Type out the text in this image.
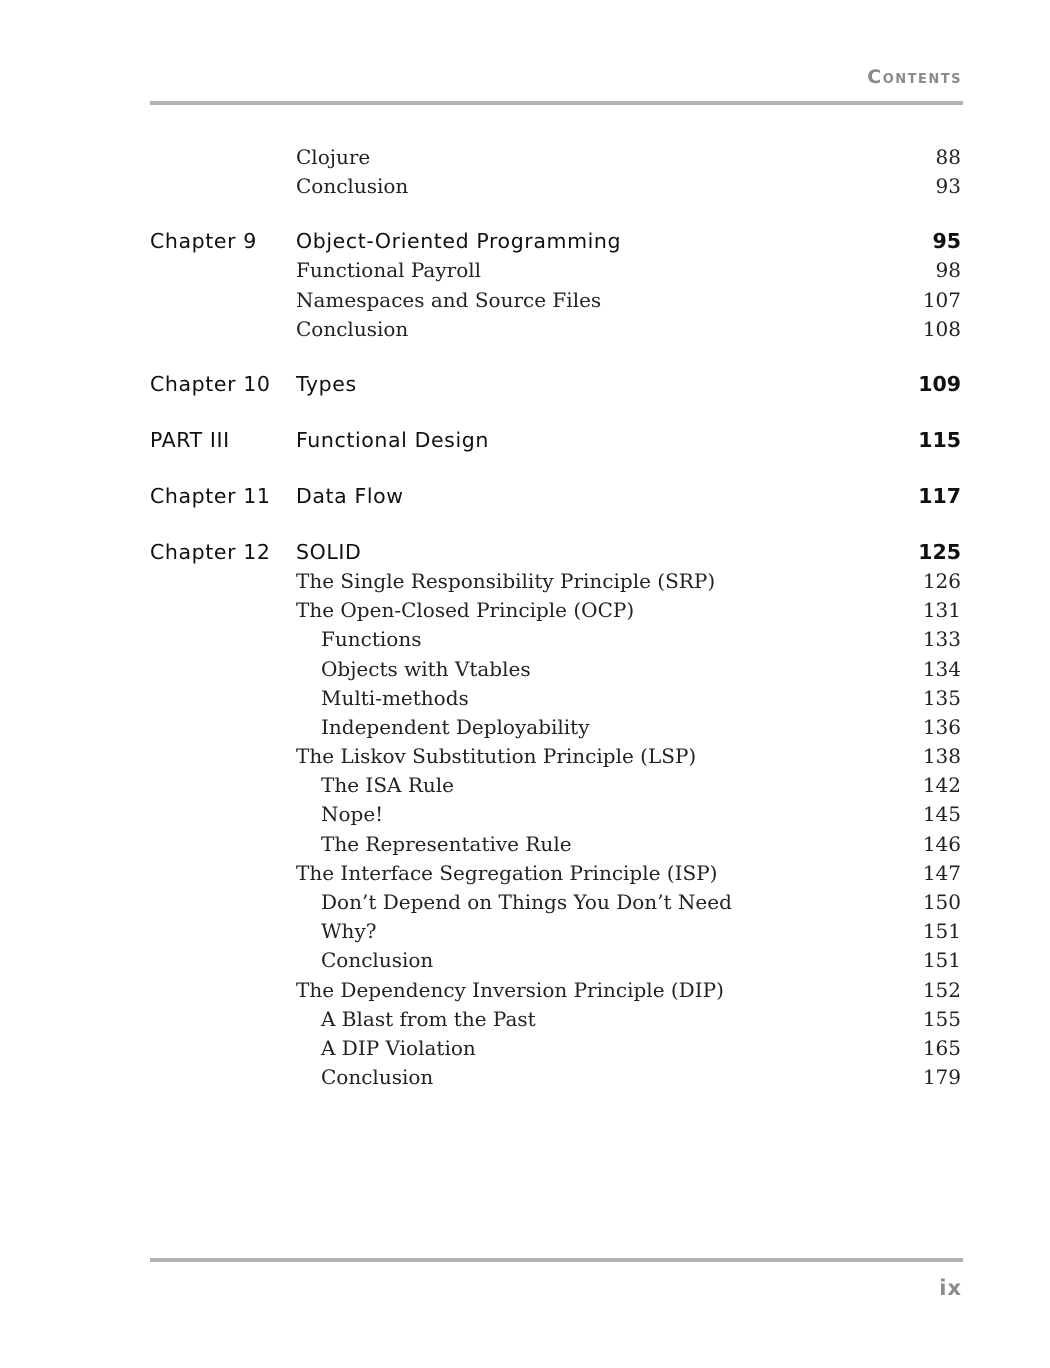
Contents
Clojure	88
Conclusion	93
Chapter 9 Object-Oriented Programming	95
Functional Payroll	98
Namespaces and Source Files	107
Conclusion	108
Chapter 10 Types	109
PART III	Functional Design	115
Chapter 11 Data Flow	117
Chapter 12 SOLID	125
The Single Responsibility Principle (SRP)	126
The Open-Closed Principle (OCP)	131
Functions	133
Objects with Vtables	134
Multi-methods	135
Independent Deployability	136
The Liskov Substitution Principle (LSP)	138
The ISA Rule	142
Nope!	145
The Representative Rule	146
The Interface Segregation Principle (ISP)	147
Don’t Depend on Things You Don’t Need	150
Why?	151
Conclusion	151
The Dependency Inversion Principle (DIP)	152
A Blast from the Past	155
A DIP Violation	165
Conclusion	179
ix
